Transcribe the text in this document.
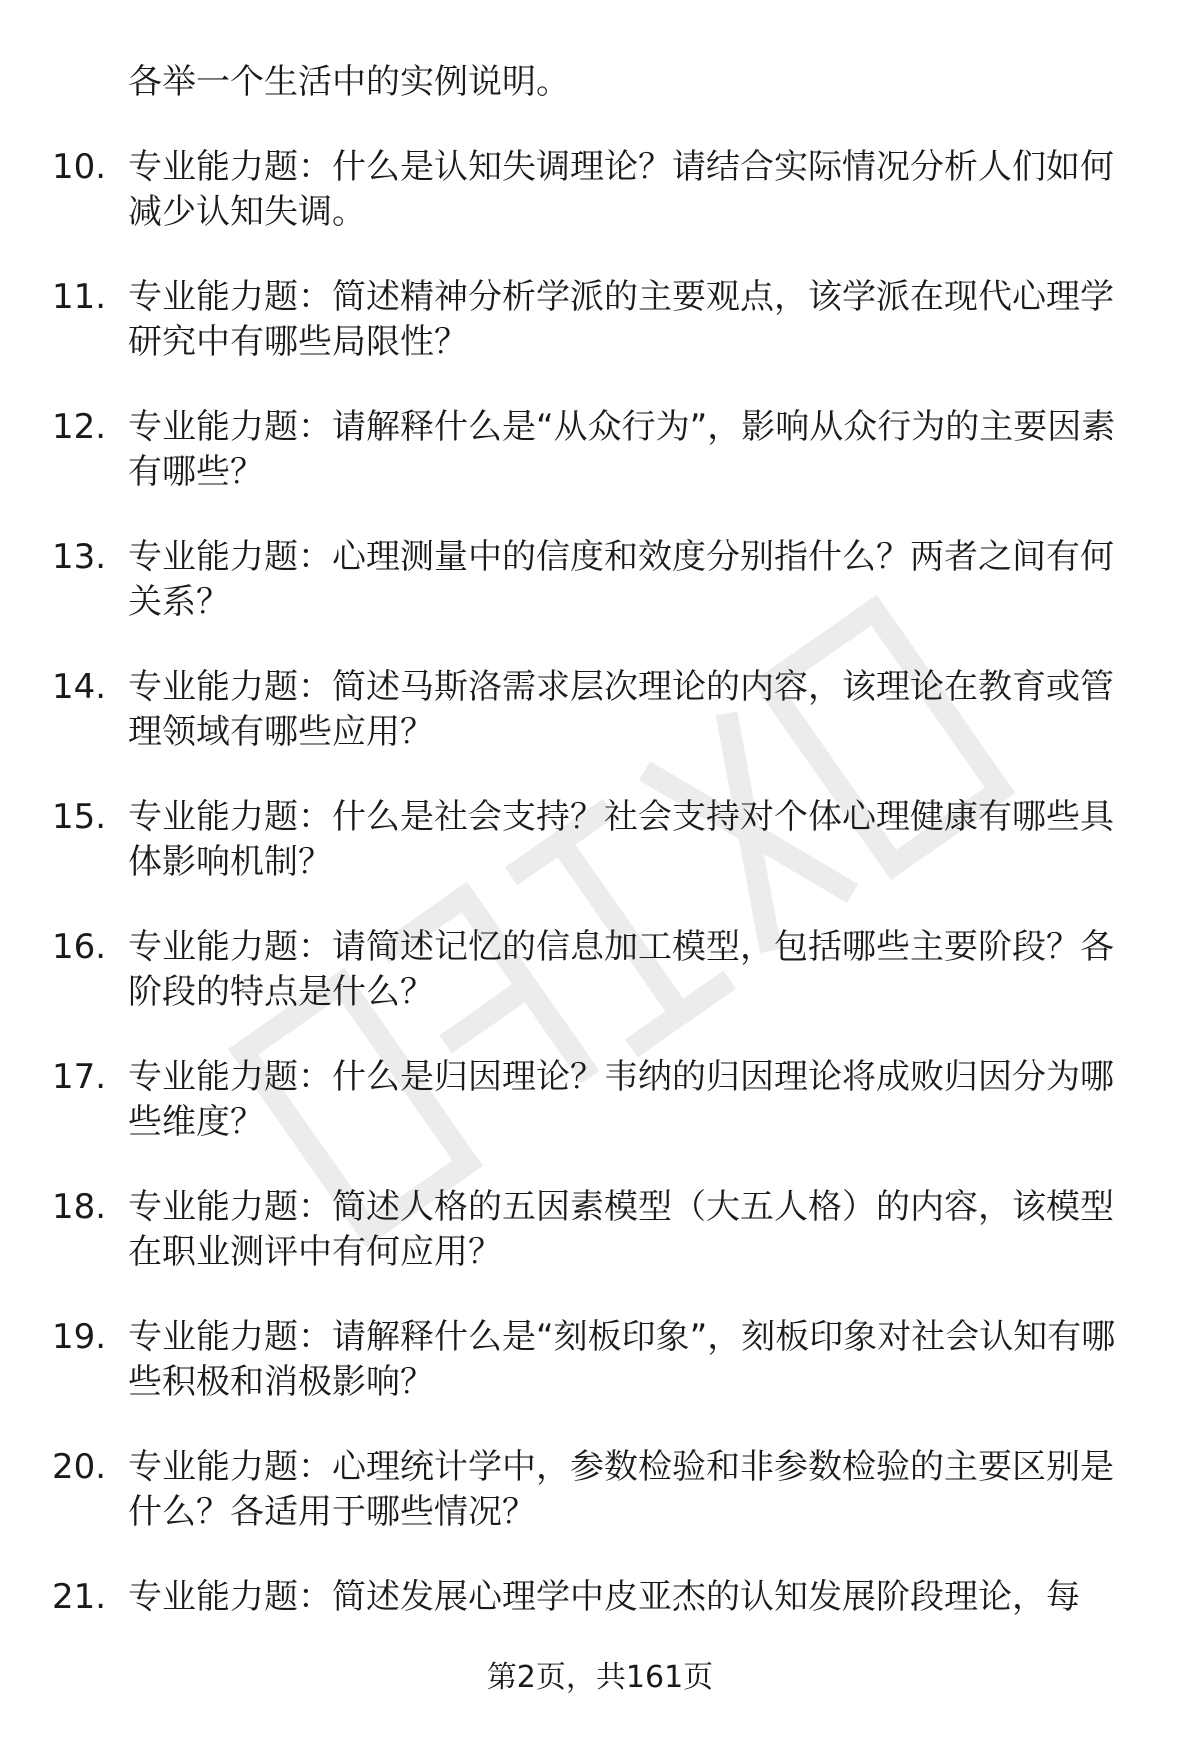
各举一个生活中的实例说明。
10. 专业能力题：什么是认知失调理论？请结合实际情况分析人们如何减少认知失调。
11. 专业能力题：简述精神分析学派的主要观点，该学派在现代心理学研究中有哪些局限性？
12. 专业能力题：请解释什么是“从众行为”，影响从众行为的主要因素有哪些？
13. 专业能力题：心理测量中的信度和效度分别指什么？两者之间有何关系？
14. 专业能力题：简述马斯洛需求层次理论的内容，该理论在教育或管理领域有哪些应用？
15. 专业能力题：什么是社会支持？社会支持对个体心理健康有哪些具体影响机制？
16. 专业能力题：请简述记忆的信息加工模型，包括哪些主要阶段？各阶段的特点是什么？
17. 专业能力题：什么是归因理论？韦纳的归因理论将成败归因分为哪些维度？
18. 专业能力题：简述人格的五因素模型（大五人格）的内容，该模型在职业测评中有何应用？
19. 专业能力题：请解释什么是“刻板印象”，刻板印象对社会认知有哪些积极和消极影响？
20. 专业能力题：心理统计学中，参数检验和非参数检验的主要区别是什么？各适用于哪些情况？
21. 专业能力题：简述发展心理学中皮亚杰的认知发展阶段理论，每
第2页，共161页
